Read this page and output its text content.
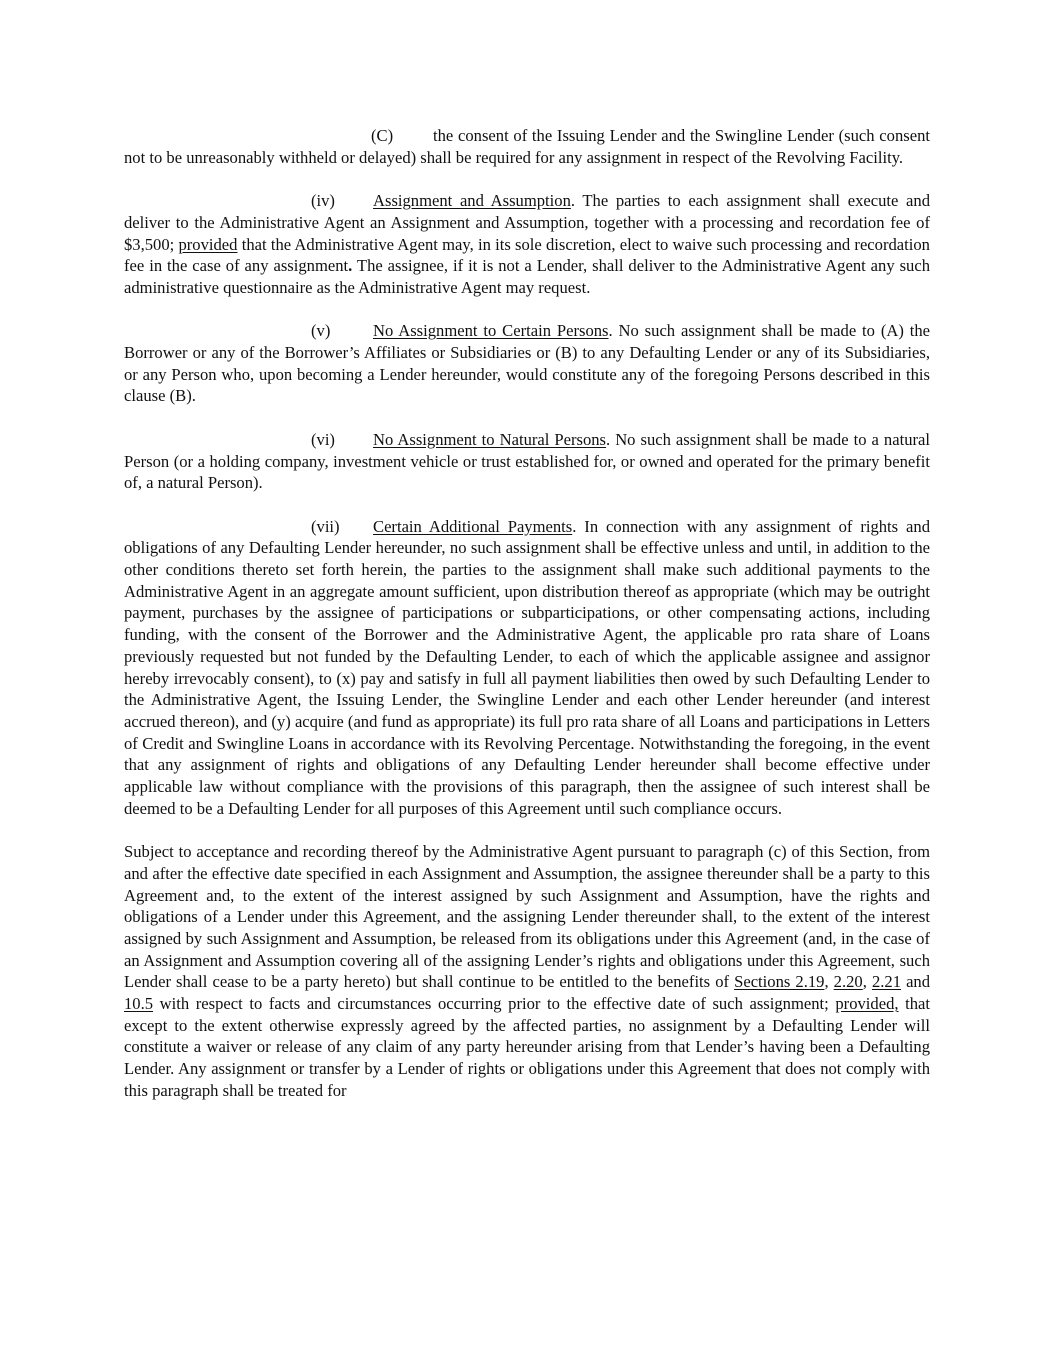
(C) the consent of the Issuing Lender and the Swingline Lender (such consent not to be unreasonably withheld or delayed) shall be required for any assignment in respect of the Revolving Facility.

(iv) Assignment and Assumption. The parties to each assignment shall execute and deliver to the Administrative Agent an Assignment and Assumption, together with a processing and recordation fee of $3,500; provided that the Administrative Agent may, in its sole discretion, elect to waive such processing and recordation fee in the case of any assignment. The assignee, if it is not a Lender, shall deliver to the Administrative Agent any such administrative questionnaire as the Administrative Agent may request.

(v)	No Assignment to Certain Persons. No such assignment shall be made to (A) the Borrower or any of the Borrower’s Affiliates or Subsidiaries or (B) to any Defaulting Lender or any of its Subsidiaries, or any Person who, upon becoming a Lender hereunder, would constitute any of the foregoing Persons described in this clause (B).

(vi) No Assignment to Natural Persons. No such assignment shall be made to a natural Person (or a holding company, investment vehicle or trust established for, or owned and operated for the primary benefit of, a natural Person).

(vii) Certain Additional Payments. In connection with any assignment of rights and obligations of any Defaulting Lender hereunder, no such assignment shall be effective unless and until, in addition to the other conditions thereto set forth herein, the parties to the assignment shall make such additional payments to the Administrative Agent in an aggregate amount sufficient, upon distribution thereof as appropriate (which may be outright payment, purchases by the assignee of participations or subparticipations, or other compensating actions, including funding, with the consent of the Borrower and the Administrative Agent, the applicable pro rata share of Loans previously requested but not funded by the Defaulting Lender, to each of which the applicable assignee and assignor hereby irrevocably consent), to (x) pay and satisfy in full all payment liabilities then owed by such Defaulting Lender to the Administrative Agent, the Issuing Lender, the Swingline Lender and each other Lender hereunder (and interest accrued thereon), and (y) acquire (and fund as appropriate) its full pro rata share of all Loans and participations in Letters of Credit and Swingline Loans in accordance with its Revolving Percentage. Notwithstanding the foregoing, in the event that any assignment of rights and obligations of any Defaulting Lender hereunder shall become effective under applicable law without compliance with the provisions of this paragraph, then the assignee of such interest shall be deemed to be a Defaulting Lender for all purposes of this Agreement until such compliance occurs.

Subject to acceptance and recording thereof by the Administrative Agent pursuant to paragraph (c) of this Section, from and after the effective date specified in each Assignment and Assumption, the assignee thereunder shall be a party to this Agreement and, to the extent of the interest assigned by such Assignment and Assumption, have the rights and obligations of a Lender under this Agreement, and the assigning Lender thereunder shall, to the extent of the interest assigned by such Assignment and Assumption, be released from its obligations under this Agreement (and, in the case of an Assignment and Assumption covering all of the assigning Lender’s rights and obligations under this Agreement, such Lender shall cease to be a party hereto) but shall continue to be entitled to the benefits of Sections 2.19, 2.20, 2.21 and 10.5 with respect to facts and circumstances occurring prior to the effective date of such assignment; provided, that except to the extent otherwise expressly agreed by the affected parties, no assignment by a Defaulting Lender will constitute a waiver or release of any claim of any party hereunder arising from that Lender’s having been a Defaulting Lender. Any assignment or transfer by a Lender of rights or obligations under this Agreement that does not comply with this paragraph shall be treated for
